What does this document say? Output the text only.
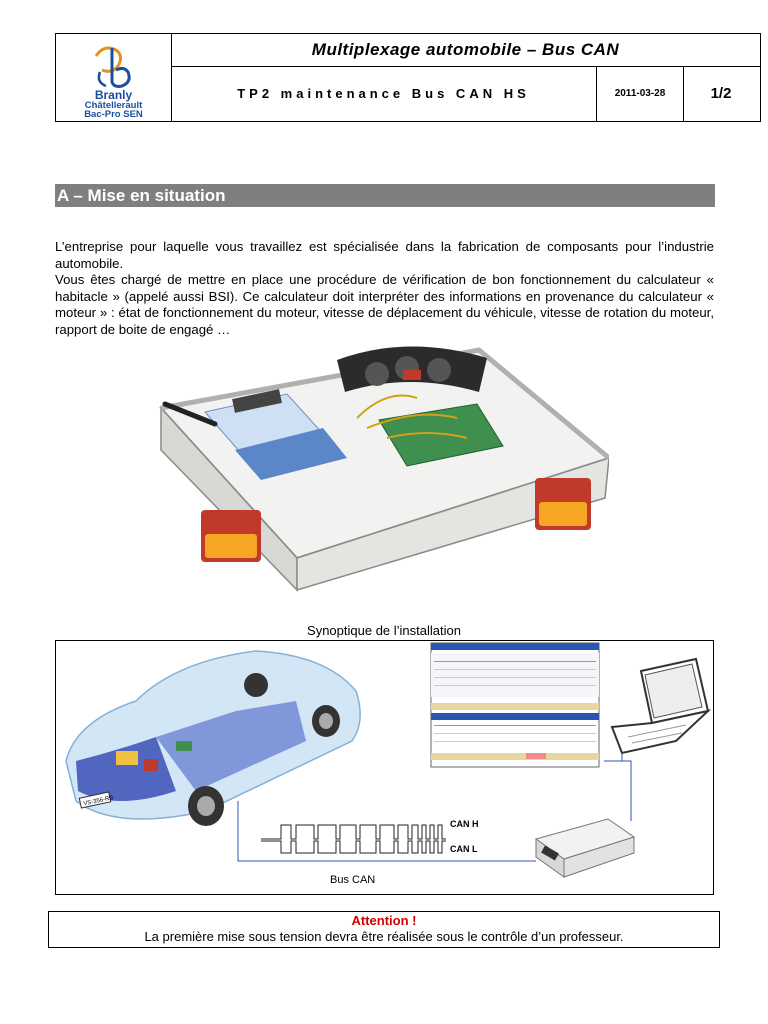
Branly
Châtellerault
Bac-Pro SEN
Multiplexage automobile – Bus CAN
TP2 maintenance Bus CAN HS	2011-03-28	1/2
A – Mise en situation

L’entreprise pour laquelle vous travaillez est spécialisée dans la fabrication de composants pour l’industrie automobile.

Vous êtes chargé de mettre en place une procédure de vérification de bon fonctionnement du calculateur « habitacle » (appelé aussi BSI). Ce calculateur doit interpréter des informations en provenance du calculateur « moteur » : état de fonctionnement du moteur, vitesse de déplacement du véhicule, vitesse de rotation du moteur, rapport de boite de engagé …

Synoptique de l’installation
VS-356-RB
CAN H
CAN L
Bus CAN
Attention !
La première mise sous tension devra être réalisée sous le contrôle d’un professeur.
